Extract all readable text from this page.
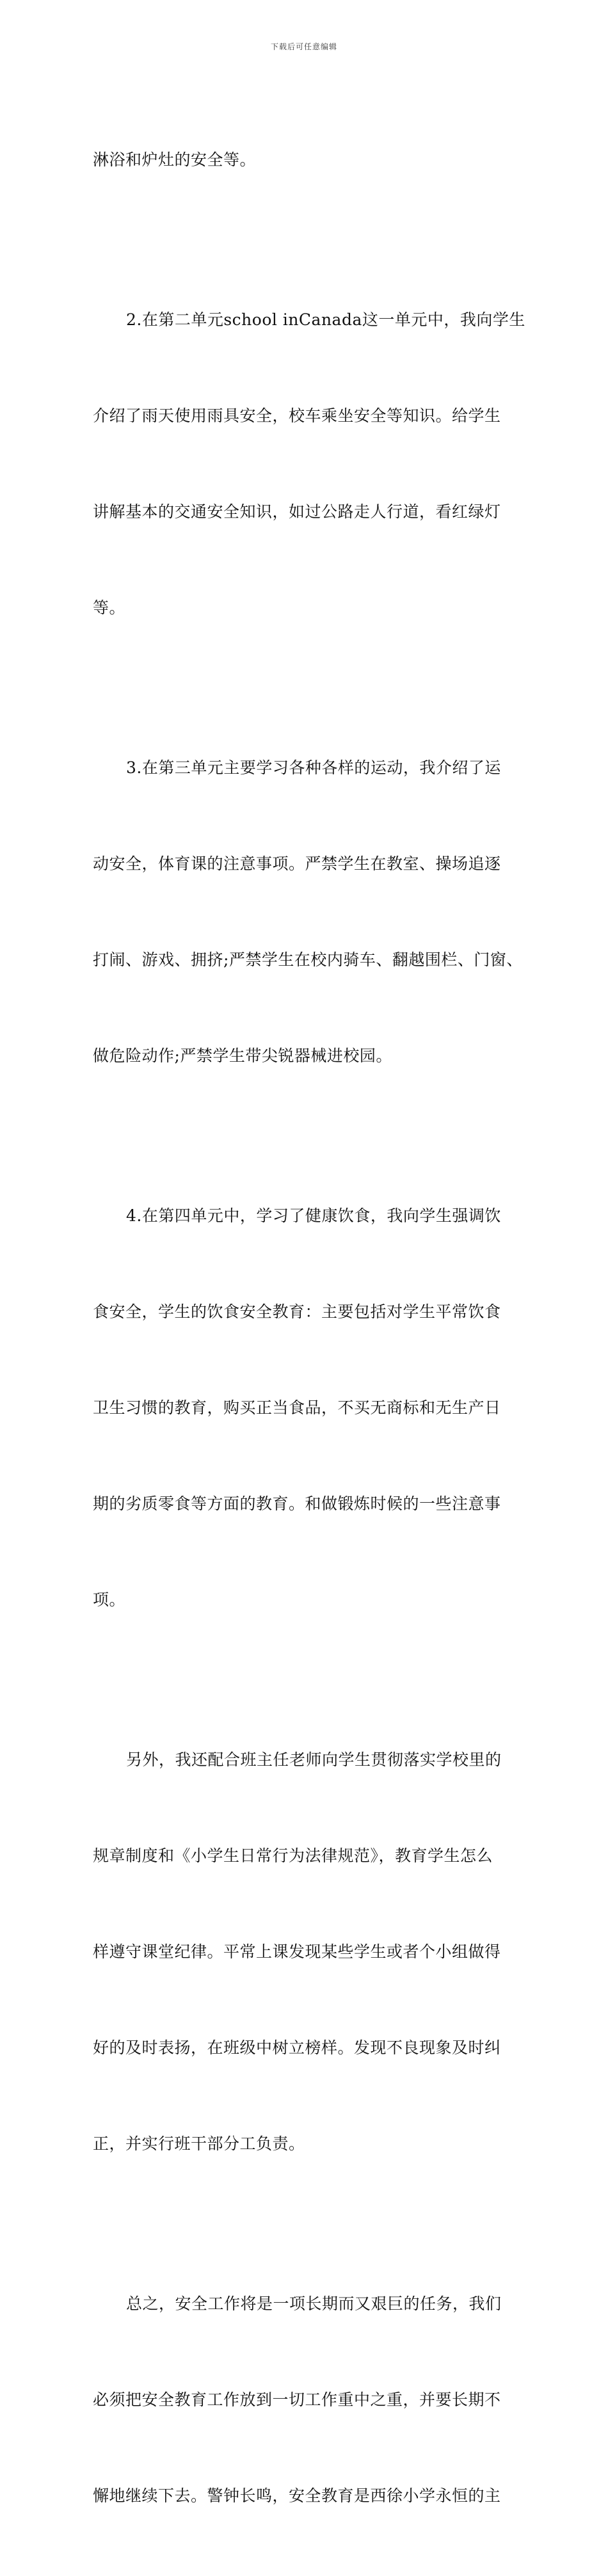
下载后可任意编辑

淋浴和炉灶的安全等。

2.在第二单元school inCanada这一单元中，我向学生

介绍了雨天使用雨具安全，校车乘坐安全等知识。给学生

讲解基本的交通安全知识，如过公路走人行道，看红绿灯

等。

3.在第三单元主要学习各种各样的运动，我介绍了运

动安全，体育课的注意事项。严禁学生在教室、操场追逐

打闹、游戏、拥挤;严禁学生在校内骑车、翻越围栏、门窗、

做危险动作;严禁学生带尖锐器械进校园。

4.在第四单元中，学习了健康饮食，我向学生强调饮

食安全，学生的饮食安全教育：主要包括对学生平常饮食

卫生习惯的教育，购买正当食品，不买无商标和无生产日

期的劣质零食等方面的教育。和做锻炼时候的一些注意事

项。

另外，我还配合班主任老师向学生贯彻落实学校里的

规章制度和《小学生日常行为法律规范》，教育学生怎么

样遵守课堂纪律。平常上课发现某些学生或者个小组做得

好的及时表扬，在班级中树立榜样。发现不良现象及时纠

正，并实行班干部分工负责。

总之，安全工作将是一项长期而又艰巨的任务，我们

必须把安全教育工作放到一切工作重中之重，并要长期不

懈地继续下去。警钟长鸣，安全教育是西徐小学永恒的主
